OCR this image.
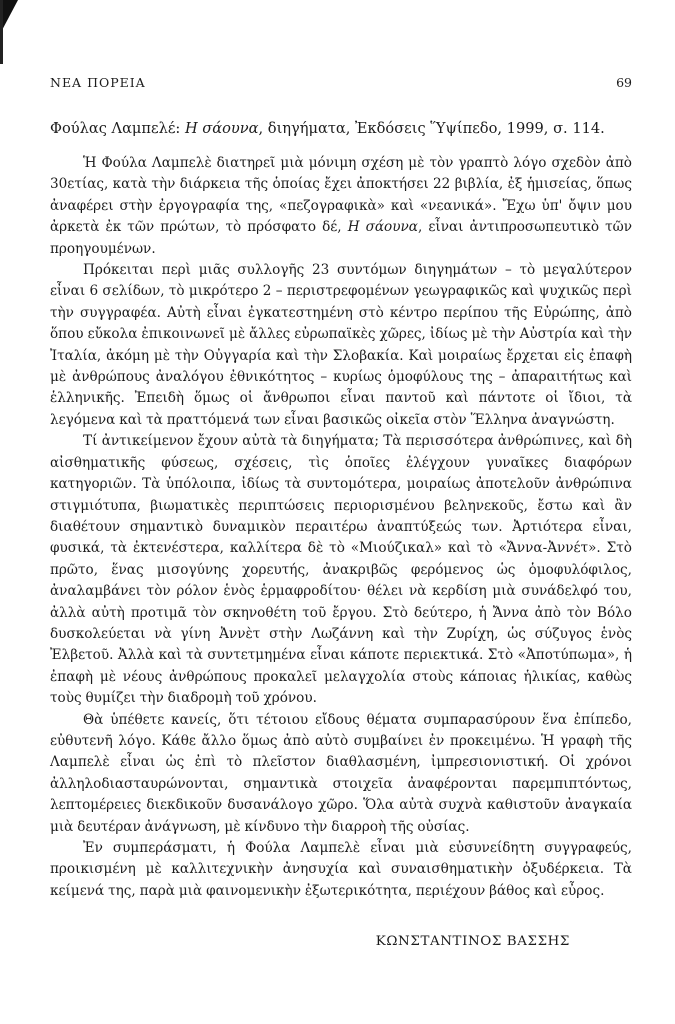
ΝΕΑ ΠΟΡΕΙΑ	69
Φούλας Λαμπελέ: Η σάουνα, διηγήματα, Ἐκδόσεις Ὕψίπεδο, 1999, σ. 114.

Ἡ Φούλα Λαμπελὲ διατηρεῖ μιὰ μόνιμη σχέση μὲ τὸν γραπτὸ λόγο σχεδὸν ἀπὸ 30ετίας, κατὰ τὴν διάρκεια τῆς ὁποίας ἔχει ἀποκτήσει 22 βιβλία, ἐξ ἡμισείας, ὅπως ἀναφέρει στὴν ἐργογραφία της, «πεζογραφικὰ» καὶ «νεανικά». Ἔχω ὑπ' ὄψιν μου ἀρκετὰ ἐκ τῶν πρώτων, τὸ πρόσφατο δέ, Η σάουνα, εἶναι ἀντιπροσωπευτικὸ τῶν προηγουμένων.

Πρόκειται περὶ μιᾶς συλλογῆς 23 συντόμων διηγημάτων – τὸ μεγαλύτερον εἶναι 6 σελίδων, τὸ μικρότερο 2 – περιστρεφομένων γεωγραφικῶς καὶ ψυχικῶς περὶ τὴν συγγραφέα. Αὐτὴ εἶναι ἐγκατεστημένη στὸ κέντρο περίπου τῆς Εὐρώπης, ἀπὸ ὅπου εὔκολα ἐπικοινωνεῖ μὲ ἄλλες εὐρωπαϊκὲς χῶρες, ἰδίως μὲ τὴν Αὐστρία καὶ τὴν Ἰταλία, ἀκόμη μὲ τὴν Οὐγγαρία καὶ τὴν Σλοβακία. Καὶ μοιραίως ἔρχεται εἰς ἐπαφὴ μὲ ἀνθρώπους ἀναλόγου ἐθνικότητος – κυρίως ὁμοφύλους της – ἀπαραιτήτως καὶ ἑλληνικῆς. Ἐπειδὴ ὅμως οἱ ἄνθρωποι εἶναι παντοῦ καὶ πάντοτε οἱ ἴδιοι, τὰ λεγόμενα καὶ τὰ πραττόμενά των εἶναι βασικῶς οἰκεῖα στὸν Ἕλληνα ἀναγνώστη.

Τί ἀντικείμενον ἔχουν αὐτὰ τὰ διηγήματα; Τὰ περισσότερα ἀνθρώπινες, καὶ δὴ αἰσθηματικῆς φύσεως, σχέσεις, τὶς ὁποῖες ἐλέγχουν γυναῖκες διαφόρων κατηγοριῶν. Τὰ ὑπόλοιπα, ἰδίως τὰ συντομότερα, μοιραίως ἀποτελοῦν ἀνθρώπινα στιγμιότυπα, βιωματικὲς περιπτώσεις περιορισμένου βεληνεκοῦς, ἔστω καὶ ἂν διαθέτουν σημαντικὸ δυναμικὸν περαιτέρω ἀναπτύξεώς των. Ἀρτιότερα εἶναι, φυσικά, τὰ ἐκτενέστερα, καλλίτερα δὲ τὸ «Μιούζικαλ» καὶ τὸ «Ἄννα-Ἀννέτ». Στὸ πρῶτο, ἕνας μισογύνης χορευτής, ἀνακριβῶς φερόμενος ὡς ὁμοφυλόφιλος, ἀναλαμβάνει τὸν ρόλον ἑνὸς ἑρμαφροδίτου· θέλει νὰ κερδίση μιὰ συνάδελφό του, ἀλλὰ αὐτὴ προτιμᾶ τὸν σκηνοθέτη τοῦ ἔργου. Στὸ δεύτερο, ἡ Ἄννα ἀπὸ τὸν Βόλο δυσκολεύεται νὰ γίνη Ἀννὲτ στὴν Λωζάννη καὶ τὴν Ζυρίχη, ὡς σύζυγος ἑνὸς Ἐλβετοῦ. Ἀλλὰ καὶ τὰ συντετμημένα εἶναι κάποτε περιεκτικά. Στὸ «Ἀποτύπωμα», ἡ ἐπαφὴ μὲ νέους ἀνθρώπους προκαλεῖ μελαγχολία στοὺς κάποιας ἡλικίας, καθὼς τοὺς θυμίζει τὴν διαδρομὴ τοῦ χρόνου.

Θὰ ὑπέθετε κανείς, ὅτι τέτοιου εἴδους θέματα συμπαρασύρουν ἕνα ἐπίπεδο, εὐθυτενῆ λόγο. Κάθε ἄλλο ὅμως ἀπὸ αὐτὸ συμβαίνει ἐν προκειμένω. Ἡ γραφὴ τῆς Λαμπελὲ εἶναι ὡς ἐπὶ τὸ πλεῖστον διαθλασμένη, ἰμπρεσιονιστική. Οἱ χρόνοι ἀλληλοδιασταυρώνονται, σημαντικὰ στοιχεῖα ἀναφέρονται παρεμπιπτόντως, λεπτομέρειες διεκδικοῦν δυσανάλογο χῶρο. Ὅλα αὐτὰ συχνὰ καθιστοῦν ἀναγκαία μιὰ δευτέραν ἀνάγνωση, μὲ κίνδυνο τὴν διαρροὴ τῆς οὐσίας.

Ἐν συμπεράσματι, ἡ Φούλα Λαμπελὲ εἶναι μιὰ εὐσυνείδητη συγγραφεύς, προικισμένη μὲ καλλιτεχνικὴν ἀνησυχία καὶ συναισθηματικὴν ὀξυδέρκεια. Τὰ κείμενά της, παρὰ μιὰ φαινομενικὴν ἐξωτερικότητα, περιέχουν βάθος καὶ εὖρος.

ΚΩΝΣΤΑΝΤΙΝΟΣ ΒΑΣΣΗΣ
